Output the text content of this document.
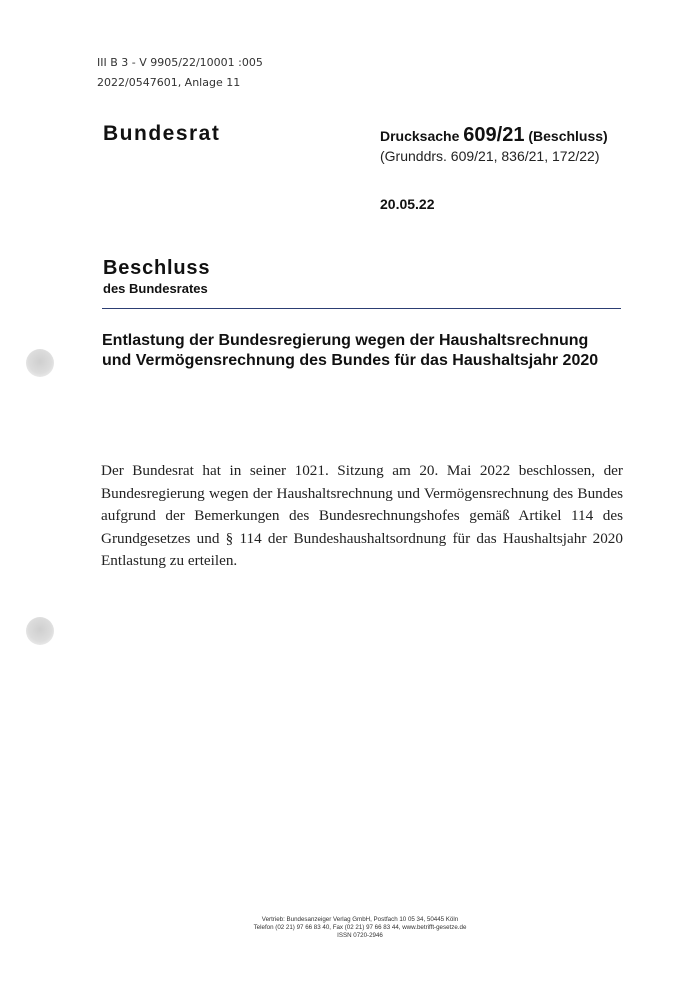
III B 3 - V 9905/22/10001 :005
2022/0547601, Anlage 11
Bundesrat	Drucksache 609/21 (Beschluss)
(Grunddrs. 609/21, 836/21, 172/22)
20.05.22
Beschluss
des Bundesrates
Entlastung der Bundesregierung wegen der Haushaltsrechnung
und Vermögensrechnung des Bundes für das Haushaltsjahr 2020
Der Bundesrat hat in seiner 1021. Sitzung am 20. Mai 2022 beschlossen, der Bundesregierung wegen der Haushaltsrechnung und Vermögensrechnung des Bundes aufgrund der Bemerkungen des Bundesrechnungshofes gemäß Artikel 114 des Grundgesetzes und § 114 der Bundeshaushaltsordnung für das Haushaltsjahr 2020 Entlastung zu erteilen.
Vertrieb: Bundesanzeiger Verlag GmbH, Postfach 10 05 34, 50445 Köln
Telefon (02 21) 97 66 83 40, Fax (02 21) 97 66 83 44, www.betrifft-gesetze.de
ISSN 0720-2946
